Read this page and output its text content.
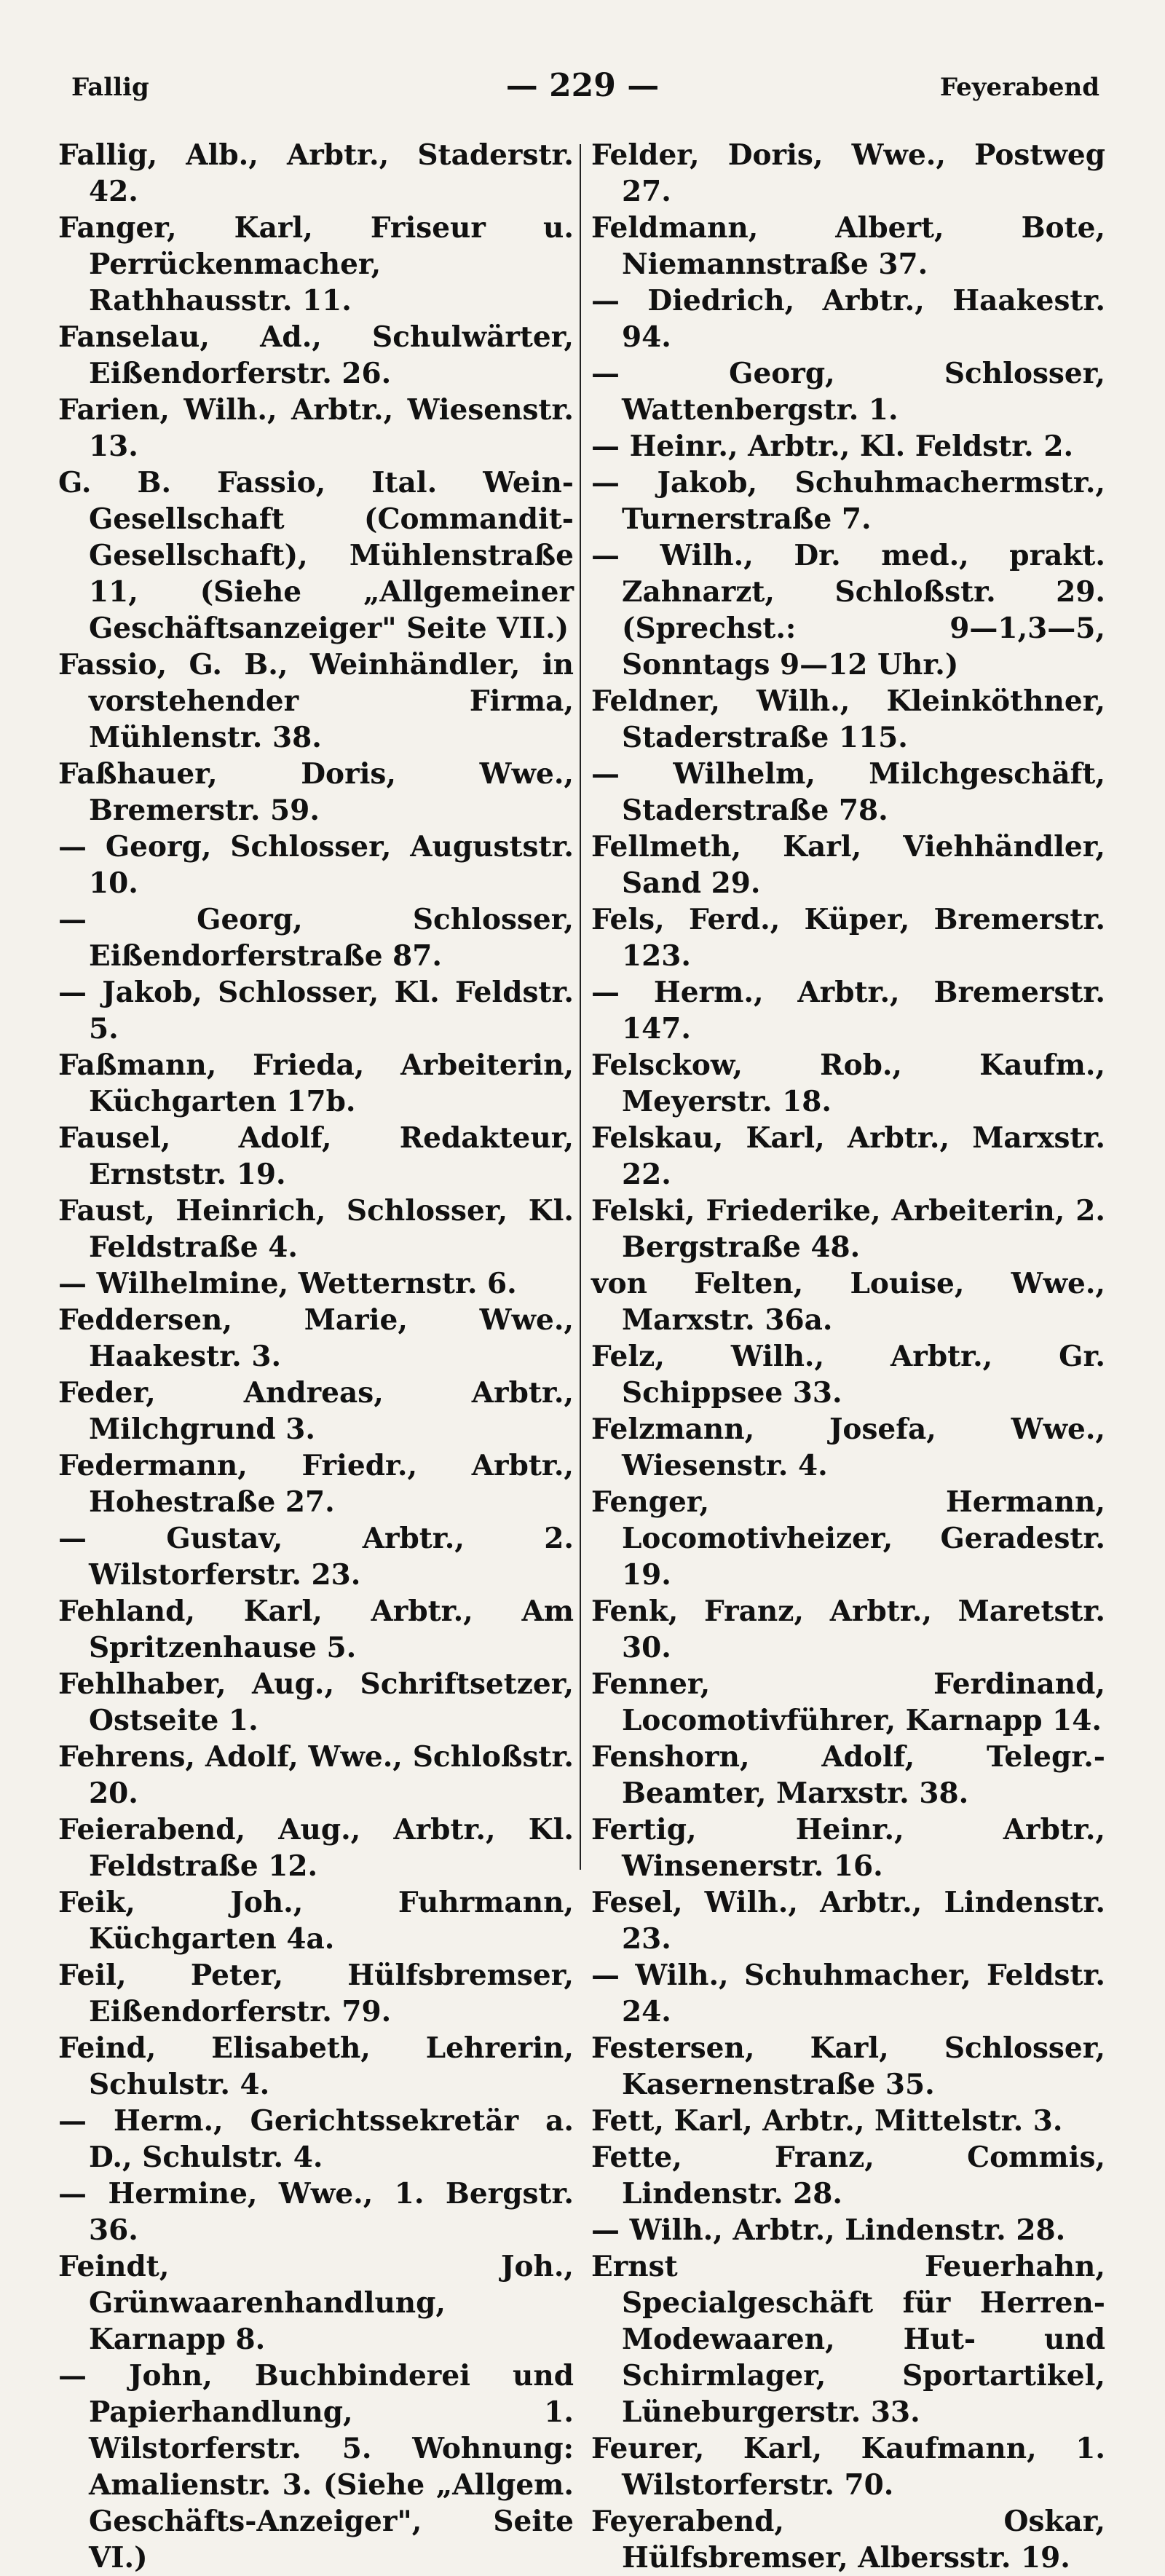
Fallig	— 229 —	Feyerabend

Fallig, Alb., Arbtr., Staderstr. 42.

Fanger, Karl, Friseur u. Perrückenmacher, Rathhausstr. 11.

Fanselau, Ad., Schulwärter, Eißendorferstr. 26.

Farien, Wilh., Arbtr., Wiesenstr. 13.

G. B. Fassio, Ital. Wein-Gesellschaft (Commandit-Gesellschaft), Mühlenstraße 11, (Siehe „Allgemeiner Geschäftsanzeiger" Seite VII.)

Fassio, G. B., Weinhändler, in vorstehender Firma, Mühlenstr. 38.

Faßhauer, Doris, Wwe., Bremerstr. 59.

— Georg, Schlosser, Auguststr. 10.

— Georg, Schlosser, Eißendorferstraße 87.

— Jakob, Schlosser, Kl. Feldstr. 5.

Faßmann, Frieda, Arbeiterin, Küchgarten 17b.

Fausel, Adolf, Redakteur, Ernststr. 19.

Faust, Heinrich, Schlosser, Kl. Feldstraße 4.

— Wilhelmine, Wetternstr. 6.

Feddersen, Marie, Wwe., Haakestr. 3.

Feder, Andreas, Arbtr., Milchgrund 3.

Federmann, Friedr., Arbtr., Hohestraße 27.

— Gustav, Arbtr., 2. Wilstorferstr. 23.

Fehland, Karl, Arbtr., Am Spritzenhause 5.

Fehlhaber, Aug., Schriftsetzer, Ostseite 1.

Fehrens, Adolf, Wwe., Schloßstr. 20.

Feierabend, Aug., Arbtr., Kl. Feldstraße 12.

Feik, Joh., Fuhrmann, Küchgarten 4a.

Feil, Peter, Hülfsbremser, Eißendorferstr. 79.

Feind, Elisabeth, Lehrerin, Schulstr. 4.

— Herm., Gerichtssekretär a. D., Schulstr. 4.

— Hermine, Wwe., 1. Bergstr. 36.

Feindt, Joh., Grünwaarenhandlung, Karnapp 8.

— John, Buchbinderei und Papierhandlung, 1. Wilstorferstr. 5. Wohnung: Amalienstr. 3. (Siehe „Allgem. Geschäfts-Anzeiger", Seite VI.)

Felder, Doris, Wwe., Postweg 27.

Feldmann, Albert, Bote, Niemannstraße 37.

— Diedrich, Arbtr., Haakestr. 94.

— Georg, Schlosser, Wattenbergstr. 1.

— Heinr., Arbtr., Kl. Feldstr. 2.

— Jakob, Schuhmachermstr., Turnerstraße 7.

— Wilh., Dr. med., prakt. Zahnarzt, Schloßstr. 29. (Sprechst.: 9—1,3—5, Sonntags 9—12 Uhr.)

Feldner, Wilh., Kleinköthner, Staderstraße 115.

— Wilhelm, Milchgeschäft, Staderstraße 78.

Fellmeth, Karl, Viehhändler, Sand 29.

Fels, Ferd., Küper, Bremerstr. 123.

— Herm., Arbtr., Bremerstr. 147.

Felsckow, Rob., Kaufm., Meyerstr. 18.

Felskau, Karl, Arbtr., Marxstr. 22.

Felski, Friederike, Arbeiterin, 2. Bergstraße 48.

von Felten, Louise, Wwe., Marxstr. 36a.

Felz, Wilh., Arbtr., Gr. Schippsee 33.

Felzmann, Josefa, Wwe., Wiesenstr. 4.

Fenger, Hermann, Locomotivheizer, Geradestr. 19.

Fenk, Franz, Arbtr., Maretstr. 30.

Fenner, Ferdinand, Locomotivführer, Karnapp 14.

Fenshorn, Adolf, Telegr.-Beamter, Marxstr. 38.

Fertig, Heinr., Arbtr., Winsenerstr. 16.

Fesel, Wilh., Arbtr., Lindenstr. 23.

— Wilh., Schuhmacher, Feldstr. 24.

Festersen, Karl, Schlosser, Kasernenstraße 35.

Fett, Karl, Arbtr., Mittelstr. 3.

Fette, Franz, Commis, Lindenstr. 28.

— Wilh., Arbtr., Lindenstr. 28.

Ernst Feuerhahn, Specialgeschäft für Herren-Modewaaren, Hut- und Schirmlager, Sportartikel, Lüneburgerstr. 33.

Feurer, Karl, Kaufmann, 1. Wilstorferstr. 70.

Feyerabend, Oskar, Hülfsbremser, Albersstr. 19.
